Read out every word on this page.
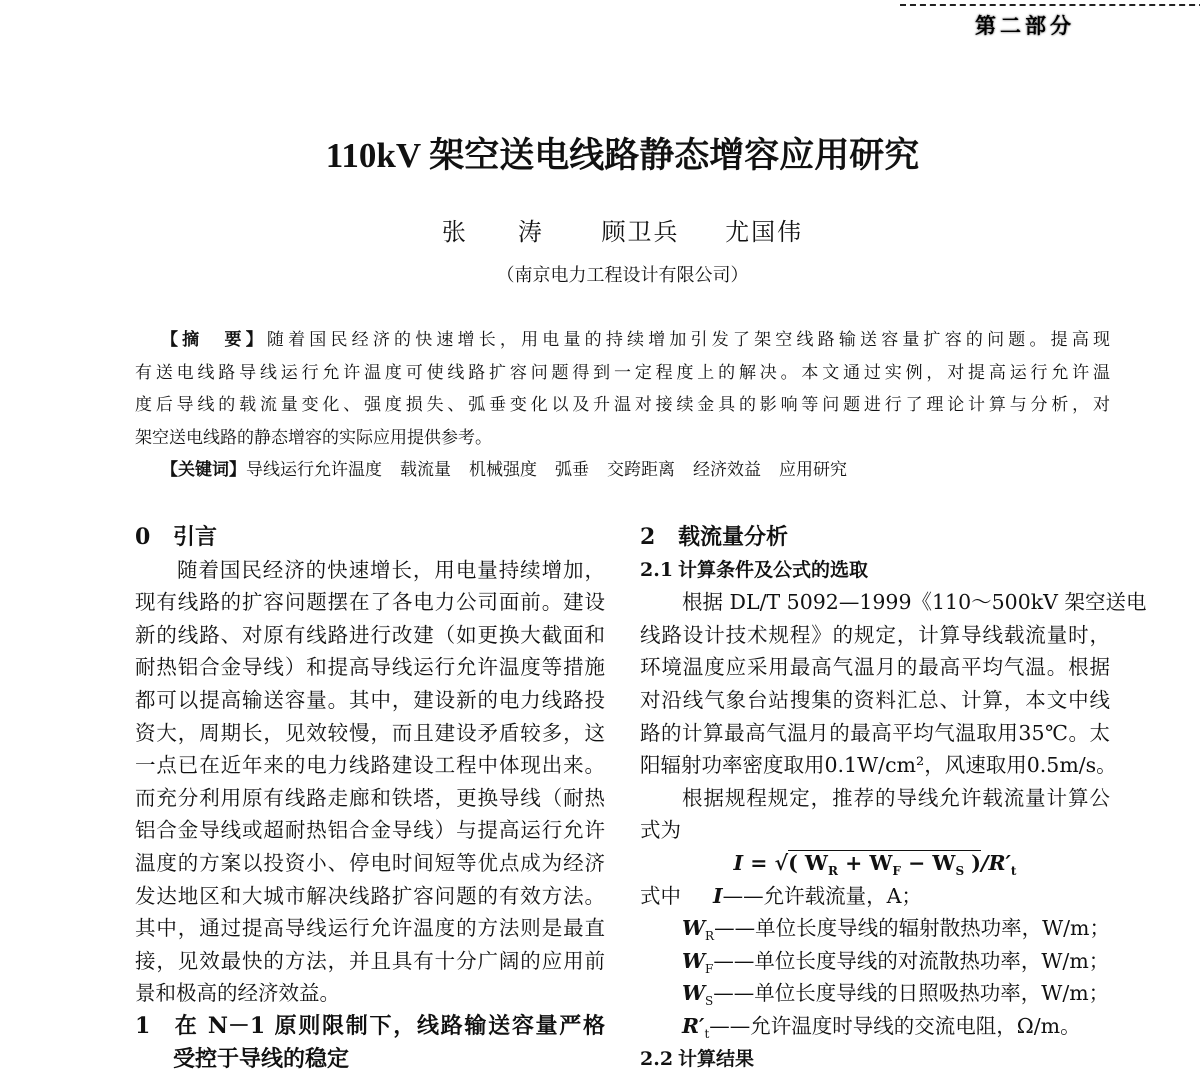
第二部分
110kV 架空送电线路静态增容应用研究
张　涛 顾卫兵 尤国伟
（南京电力工程设计有限公司）
【摘　要】随着国民经济的快速增长，用电量的持续增加引发了架空线路输送容量扩容的问题。提高现
有送电线路导线运行允许温度可使线路扩容问题得到一定程度上的解决。本文通过实例，对提高运行允许温
度后导线的载流量变化、强度损失、弧垂变化以及升温对接续金具的影响等问题进行了理论计算与分析，对
架空送电线路的静态增容的实际应用提供参考。
【关键词】导线运行允许温度 载流量 机械强度 弧垂 交跨距离 经济效益 应用研究
0 引言
随着国民经济的快速增长，用电量持续增加，
现有线路的扩容问题摆在了各电力公司面前。建设
新的线路、对原有线路进行改建（如更换大截面和
耐热铝合金导线）和提高导线运行允许温度等措施
都可以提高输送容量。其中，建设新的电力线路投
资大，周期长，见效较慢，而且建设矛盾较多，这
一点已在近年来的电力线路建设工程中体现出来。
而充分利用原有线路走廊和铁塔，更换导线（耐热
铝合金导线或超耐热铝合金导线）与提高运行允许
温度的方案以投资小、停电时间短等优点成为经济
发达地区和大城市解决线路扩容问题的有效方法。
其中，通过提高导线运行允许温度的方法则是最直
接，见效最快的方法，并且具有十分广阔的应用前
景和极高的经济效益。
1 在 N－1 原则限制下，线路输送容量严格
受控于导线的稳定
2 载流量分析
2.1 计算条件及公式的选取
根据 DL/T 5092—1999《110～500kV 架空送电
线路设计技术规程》的规定，计算导线载流量时，
环境温度应采用最高气温月的最高平均气温。根据
对沿线气象台站搜集的资料汇总、计算，本文中线
路的计算最高气温月的最高平均气温取用35℃。太
阳辐射功率密度取用0.1W/cm²，风速取用0.5m/s。
根据规程规定，推荐的导线允许载流量计算公
式为
I = √( $W_R + W_F - W_S$ )$/R'_t$
式中 I——允许载流量，A；
$W_R——$单位长度导线的辐射散热功率，W/m；
$W_F——$单位长度导线的对流散热功率，W/m；
$W_S——$单位长度导线的日照吸热功率，W/m；
$R'_t——$允许温度时导线的交流电阻，Ω/m。
2.2 计算结果
